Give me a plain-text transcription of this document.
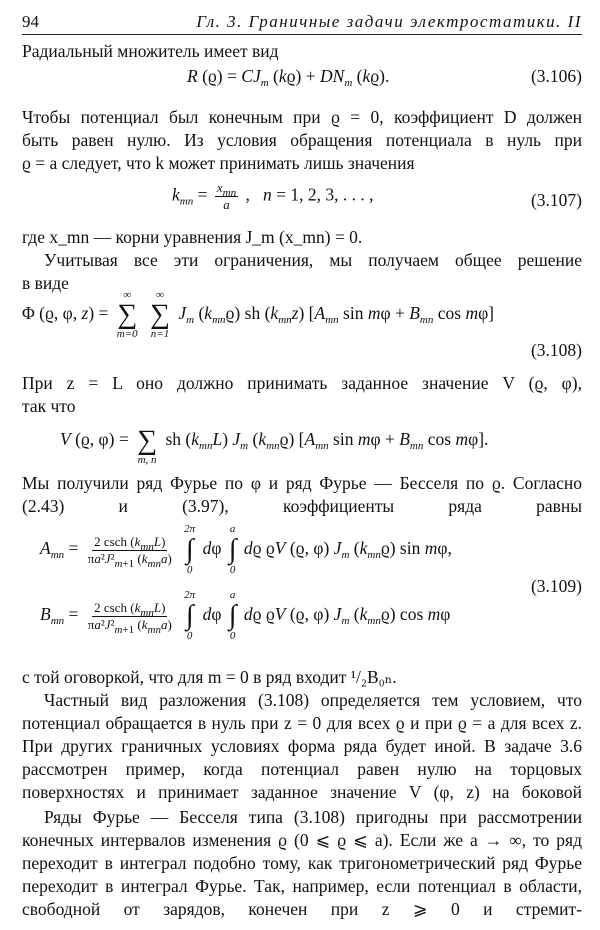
94	Гл. 3. Граничные задачи электростатики. II
Радиальный множитель имеет вид
R $(ϱ) = CJ_m$ $(kϱ) + DN_m$ (kϱ).	(3.106)
Чтобы потенциал был конечным при ϱ = 0, коэффициент D должен
быть равен нулю. Из условия обращения потенциала в нуль при
ϱ = a следует, что k может принимать лишь значения
$k_{mn} = \frac{x_{mn}}{a}$ ,   n = 1, 2, 3, . . . ,	(3.107)
где x_mn — корни уравнения J_m (x_mn) = 0.
Учитывая все эти ограничения, мы получаем общее решение
в виде
Φ (ϱ, φ, z) =
∞
∑
m=0

∞
∑
n=1
$J_m$ $(k_{mn}ϱ)$ sh $(k_{mn}z)$ [$A_{mn}$ $\sin m\varphi + B_{mn}$ cos mφ]
(3.108)
При z = L оно должно принимать заданное значение V (ϱ, φ),
так что
V (ϱ, φ) =
∑
m, n
sh $(k_{mn}L)$ $J_m$ $(k_{mn}ϱ)$ [$A_{mn}$ $\sin m\varphi + B_{mn}$ cos mφ].
Мы получили ряд Фурье по φ и ряд Фурье — Бесселя по ϱ. Согласно (2.43) и (3.97), коэффициенты ряда равны
$A_{mn} = \frac{2 \csc h (k_{mn}L)}{\pi a^2J^2_{m+1} (k_{mn}a)}$

2π
∫
0
dφ
a
∫
0
dϱ ϱV (ϱ, φ) $J_m$ $(k_{mn}ϱ)$ sin mφ,
(3.109)
$B_{mn} = \frac{2 \csc h (k_{mn}L)}{\pi a^2J^2_{m+1} (k_{mn}a)}$

2π
∫
0
dφ
a
∫
0
dϱ ϱV (ϱ, φ) $J_m$ $(k_{mn}ϱ)$ cos mφ
с той оговоркой, что для m = 0 в ряд входит ¹/₂B₀ₙ.
Частный вид разложения (3.108) определяется тем условием, что потенциал обращается в нуль при z = 0 для всех ϱ и при ϱ = a для всех z. При других граничных условиях форма ряда будет иной. В задаче 3.6 рассмотрен пример, когда потенциал равен нулю на торцовых поверхностях и принимает заданное значение V (φ, z) на боковой
Ряды Фурье — Бесселя типа (3.108) пригодны при рассмотрении конечных интервалов изменения ϱ (0 ⩽ ϱ ⩽ a). Если же a → ∞, то ряд переходит в интеграл подобно тому, как тригонометрический ряд Фурье переходит в интеграл Фурье. Так, например, если потенциал в области, свободной от зарядов, конечен при z ⩾ 0 и стремит-
